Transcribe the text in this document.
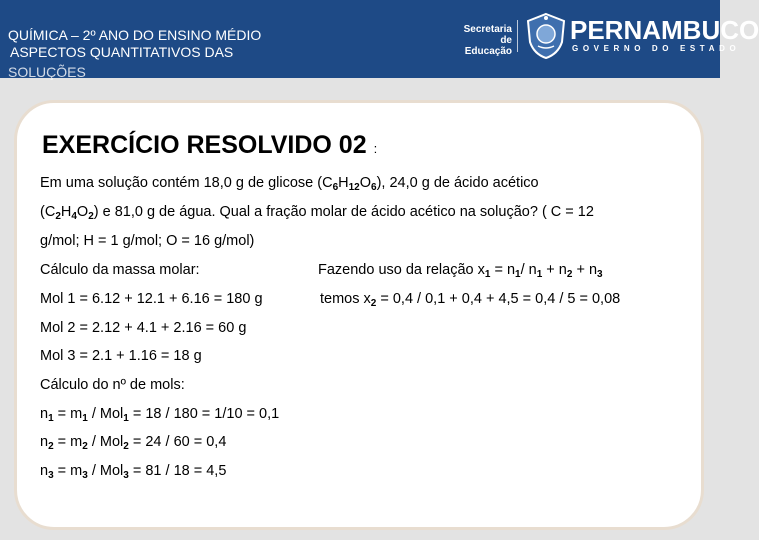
QUÍMICA – 2º ANO DO ENSINO MÉDIO
ASPECTOS QUANTITATIVOS DAS
SOLUÇÕES
Secretaria
de
Educação
PERNAMBUCO
GOVERNO DO ESTADO
EXERCÍCIO RESOLVIDO 02 :
Em uma solução contém 18,0 g de glicose $(C_6H_{12}O_6)$, 24,0 g de ácido acético
$(C_2H_4O_2)$ e 81,0 g de água. Qual a fração molar de ácido acético na solução? ( C = 12
g/mol; H = 1 g/mol; O = 16 g/mol)
Cálculo da massa molar:
Mol 1 = 6.12 + 12.1 + 6.16 = 180 g
Mol 2 = 2.12 + 4.1 + 2.16 = 60 g
Mol 3 = 2.1 + 1.16 = 18 g
Cálculo do nº de mols:
$n_1 = m_1 / Mol_1 = 18 / 180 = 1/10 = 0,1$
$n_2 = m_2 / Mol_2 = 24 / 60 = 0,4$
$n_3 = m_3 / Mol_3 = 81 / 18 = 4,5$
Fazendo uso da relação $x_1 = n_1/$ $n_1 + n_2 + n_3$
temos $x_2 = 0,4 / 0,1 + 0,4 + 4,5 = 0,4 / 5 = 0,08$
